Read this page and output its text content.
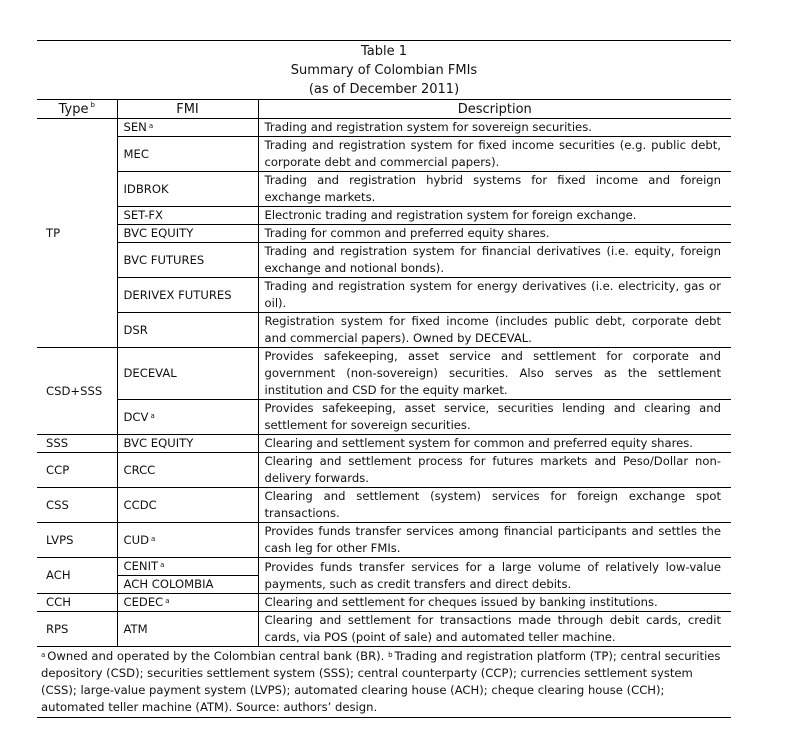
Table 1
Summary of Colombian FMIs
(as of December 2011)
Type $^b$	FMI	Description
TP	SEN $^a$	Trading and registration system for sovereign securities.
	MEC	Trading and registration system for fixed income securities (e.g. public debt, corporate debt and commercial papers).
	IDBROK	Trading and registration hybrid systems for fixed income and foreign exchange markets.
	SET-FX	Electronic trading and registration system for foreign exchange.
	BVC EQUITY	Trading for common and preferred equity shares.
	BVC FUTURES	Trading and registration system for financial derivatives (i.e. equity, foreign exchange and notional bonds).
	DERIVEX FUTURES	Trading and registration system for energy derivatives (i.e. electricity, gas or oil).
	DSR	Registration system for fixed income (includes public debt, corporate debt and commercial papers). Owned by DECEVAL.
CSD+SSS	DECEVAL	Provides safekeeping, asset service and settlement for corporate and government (non-sovereign) securities. Also serves as the settlement institution and CSD for the equity market.
	DCV $^a$	Provides safekeeping, asset service, securities lending and clearing and settlement for sovereign securities.
SSS	BVC EQUITY	Clearing and settlement system for common and preferred equity shares.
CCP	CRCC	Clearing and settlement process for futures markets and Peso/Dollar non-delivery forwards.
CSS	CCDC	Clearing and settlement (system) services for foreign exchange spot transactions.
LVPS	CUD $^a$	Provides funds transfer services among financial participants and settles the cash leg for other FMIs.
ACH	CENIT $^a$	Provides funds transfer services for a large volume of relatively low-value payments, such as credit transfers and direct debits.
	ACH COLOMBIA	
CCH	CEDEC $^a$	Clearing and settlement for cheques issued by banking institutions.
RPS	ATM	Clearing and settlement for transactions made through debit cards, credit cards, via POS (point of sale) and automated teller machine.
$^a$ Owned and operated by the Colombian central bank (BR). $^b$ Trading and registration platform (TP); central securities depository (CSD); securities settlement system (SSS); central counterparty (CCP); currencies settlement system (CSS); large-value payment system (LVPS); automated clearing house (ACH); cheque clearing house (CCH); automated teller machine (ATM). Source: authors’ design.
